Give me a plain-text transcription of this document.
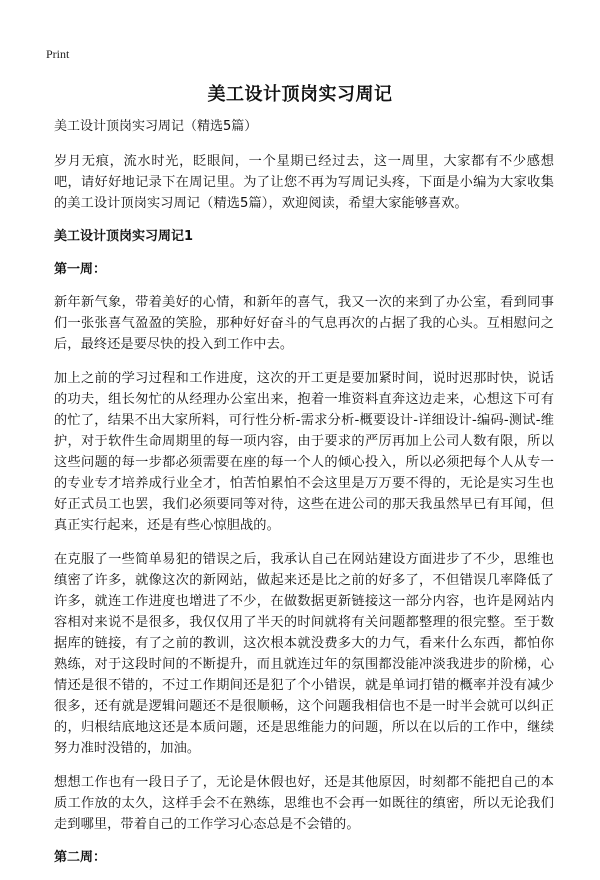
Print
美工设计顶岗实习周记

美工设计顶岗实习周记（精选5篇）

岁月无痕，流水时光，眨眼间，一个星期已经过去，这一周里，大家都有不少感想吧，请好好地记录下在周记里。为了让您不再为写周记头疼，下面是小编为大家收集的美工设计顶岗实习周记（精选5篇），欢迎阅读，希望大家能够喜欢。

美工设计顶岗实习周记1

第一周：

新年新气象，带着美好的心情，和新年的喜气，我又一次的来到了办公室，看到同事们一张张喜气盈盈的笑脸，那种好好奋斗的气息再次的占据了我的心头。互相慰问之后，最终还是要尽快的投入到工作中去。

加上之前的学习过程和工作进度，这次的开工更是要加紧时间，说时迟那时快，说话的功夫，组长匆忙的从经理办公室出来，抱着一堆资料直奔这边走来，心想这下可有的忙了，结果不出大家所料，可行性分析-需求分析-概要设计-详细设计-编码-测试-维护，对于软件生命周期里的每一项内容，由于要求的严厉再加上公司人数有限，所以这些问题的每一步都必须需要在座的每一个人的倾心投入，所以必须把每个人从专一的专业专才培养成行业全才，怕苦怕累怕不会这里是万万要不得的，无论是实习生也好正式员工也罢，我们必须要同等对待，这些在进公司的那天我虽然早已有耳闻，但真正实行起来，还是有些心惊胆战的。

在克服了一些简单易犯的错误之后，我承认自己在网站建设方面进步了不少，思维也缜密了许多，就像这次的新网站，做起来还是比之前的好多了，不但错误几率降低了许多，就连工作进度也增进了不少，在做数据更新链接这一部分内容，也许是网站内容相对来说不是很多，我仅仅用了半天的时间就将有关问题都整理的很完整。至于数据库的链接，有了之前的教训，这次根本就没费多大的力气，看来什么东西，都怕你熟练，对于这段时间的不断提升，而且就连过年的氛围都没能冲淡我进步的阶梯，心情还是很不错的，不过工作期间还是犯了个小错误，就是单词打错的概率并没有减少很多，还有就是逻辑问题还不是很顺畅，这个问题我相信也不是一时半会就可以纠正的，归根结底地这还是本质问题，还是思维能力的问题，所以在以后的工作中，继续努力准时没错的，加油。

想想工作也有一段日子了，无论是休假也好，还是其他原因，时刻都不能把自己的本质工作放的太久，这样手会不在熟练，思维也不会再一如既往的缜密，所以无论我们走到哪里，带着自己的工作学习心态总是不会错的。

第二周：
